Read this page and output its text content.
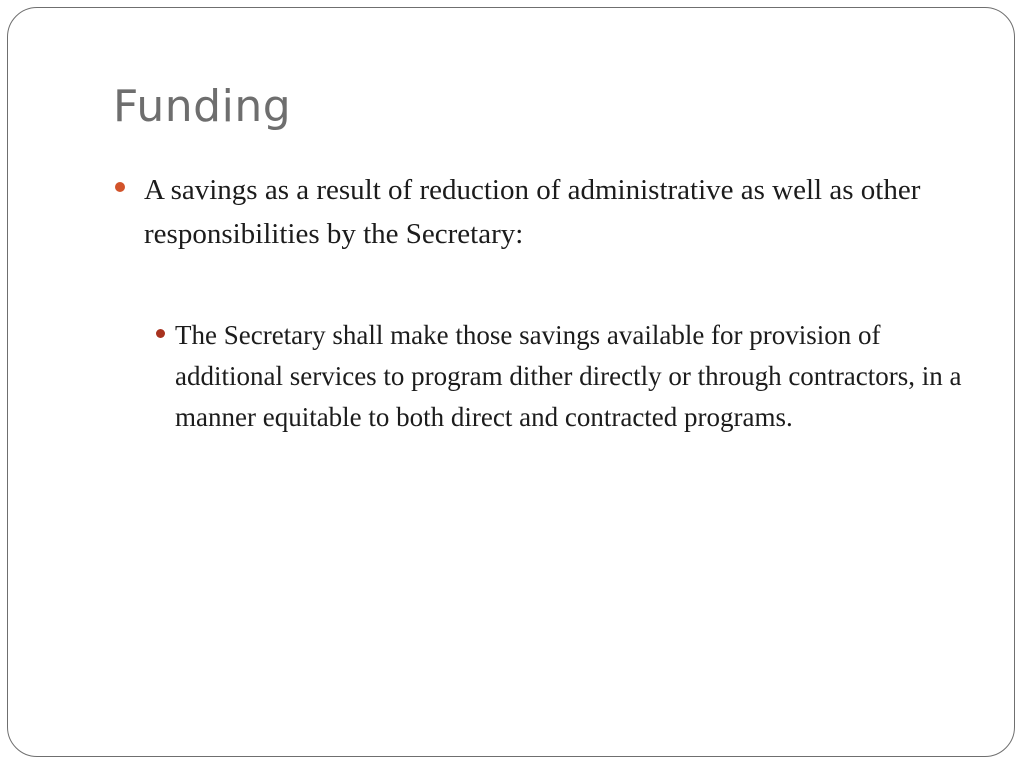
Funding

A savings as a result of reduction of administrative as well as other responsibilities by the Secretary:

The Secretary shall make those savings available for provision of additional services to program dither directly or through contractors, in a manner equitable to both direct and contracted programs.
